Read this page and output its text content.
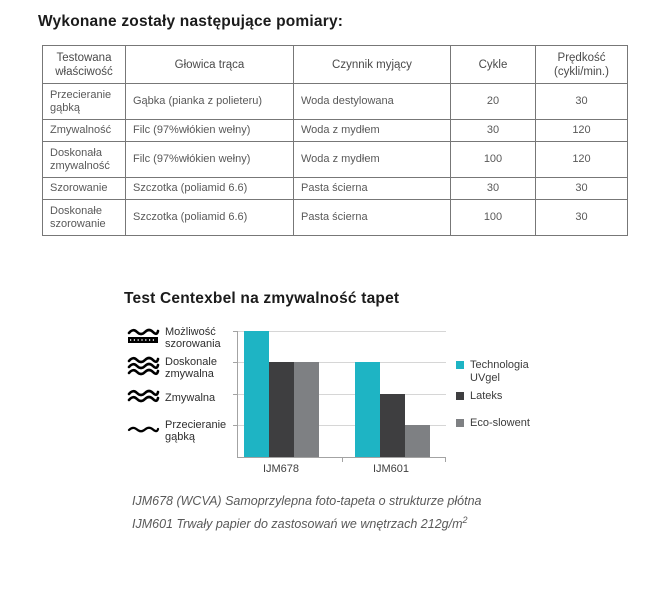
Wykonane zostały następujące pomiary:
Testowana właściwość	Głowica trąca	Czynnik myjący	Cykle	Prędkość (cykli/min.)
Przecieranie gąbką	Gąbka (pianka z polieteru)	Woda destylowana	20	30
Zmywalność	Filc (97%włókien wełny)	Woda z mydłem	30	120
Doskonała zmywalność	Filc (97%włókien wełny)	Woda z mydłem	100	120
Szorowanie	Szczotka (poliamid 6.6)	Pasta ścierna	30	30
Doskonałe szorowanie	Szczotka (poliamid 6.6)	Pasta ścierna	100	30
Test Centexbel na zmywalność tapet
Możliwość szorowania
Doskonale zmywalna
Zmywalna
Przecieranie gąbką
IJM678	IJM601
Technologia UVgel
Lateks
Eco-slowent
IJM678 (WCVA) Samoprzylepna foto-tapeta o strukturze płótna
IJM601 Trwały papier do zastosowań we wnętrzach $212g/m^2$
